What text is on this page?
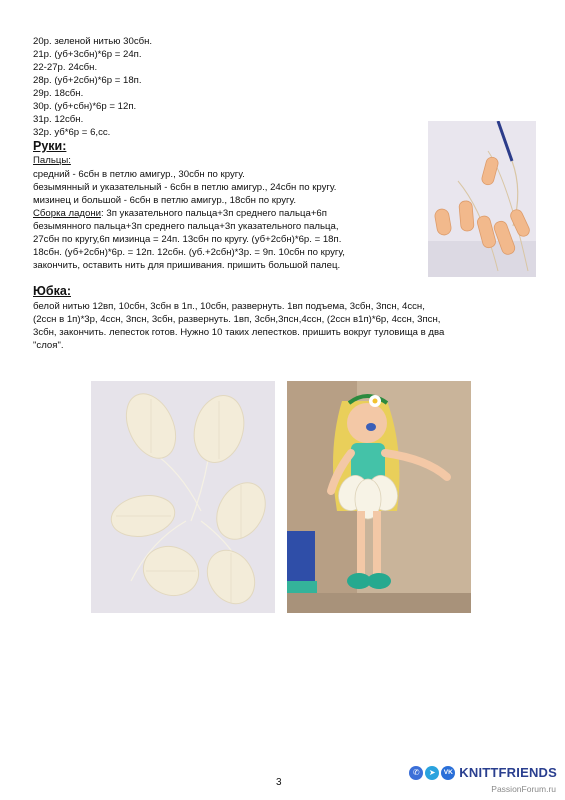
20р. зеленой нитью 30сбн.
21р. (уб+3сбн)*6р = 24п.
22-27р. 24сбн.
28р. (уб+2сбн)*6р = 18п.
29р. 18сбн.
30р. (уб+сбн)*6р = 12п.
31р. 12сбн.
32р. уб*6р = 6,сс.
Руки:
Пальцы:
средний - 6сбн в петлю амигур., 30сбн по кругу.
безымянный и указательный - 6сбн в петлю амигур., 24сбн по кругу.
мизинец и большой - 6сбн в петлю амигур., 18сбн по кругу.
Сборка ладони: 3п указательного пальца+3п среднего пальца+6п
безымянного пальца+3п среднего пальца+3п указательного пальца,
27сбн по кругу,6п мизинца = 24п. 13сбн по кругу. (уб+2сбн)*6р. = 18п.
18сбн. (уб+2сбн)*6р. = 12п. 12сбн. (уб.+2сбн)*3р. = 9п. 10сбн по кругу,
закончить, оставить нить для пришивания. пришить большой палец.
Юбка:
белой нитью 12вп, 10сбн, 3сбн в 1п., 10сбн, развернуть. 1вп подъема, 3сбн, 3псн, 4ссн,
(2ссн в 1п)*3р, 4ссн, 3псн, 3сбн, развернуть. 1вп, 3сбн,3псн,4ссн, (2ссн в1п)*6р, 4ссн, 3псн,
3сбн, закончить. лепесток готов. Нужно 10 таких лепестков. пришить вокруг туловища в два
"слоя".
3
✆	➤	VK KNITTFRIENDS
PassionForum.ru
